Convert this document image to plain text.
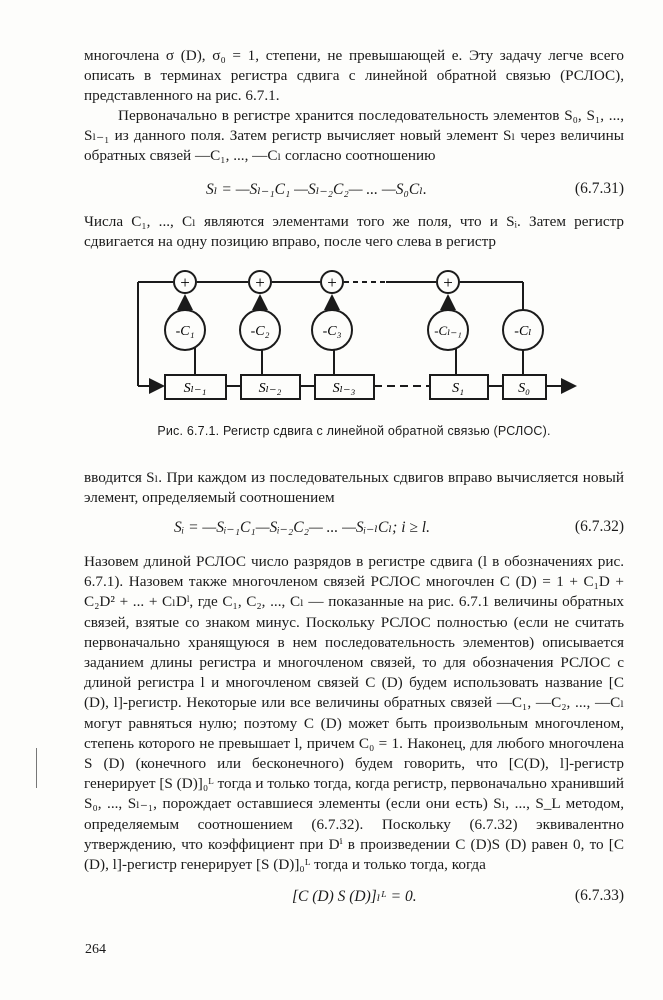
многочлена σ (D), σ₀ = 1, степени, не превышающей e. Эту задачу легче всего описать в терминах регистра сдвига с линейной обратной связью (РСЛОС), представленного на рис. 6.7.1.

Первоначально в регистре хранится последовательность элементов S₀, S₁, ..., Sₗ₋₁ из данного поля. Затем регистр вычисляет новый элемент Sₗ через величины обратных связей —C₁, ..., —Cₗ согласно соотношению

Sₗ = —Sₗ₋₁C₁ —Sₗ₋₂C₂— ... —S₀Cₗ.	(6.7.31)

Числа C₁, ..., Cₗ являются элементами того же поля, что и Sᵢ. Затем регистр сдвигается на одну позицию вправо, после чего слева в регистр

+	+	+	+
-C₁	-C₂	-C₃	-Cₗ₋₁	-Cₗ
Sₗ₋₁	Sₗ₋₂	Sₗ₋₃	S₁	S₀
Рис. 6.7.1. Регистр сдвига с линейной обратной связью (РСЛОС).

вводится Sₗ. При каждом из последовательных сдвигов вправо вычисляется новый элемент, определяемый соотношением

Sᵢ = —Sᵢ₋₁C₁—Sᵢ₋₂C₂— ... —Sᵢ₋ₗCₗ; i ≥ l.	(6.7.32)

Назовем длиной РСЛОС число разрядов в регистре сдвига (l в обозначениях рис. 6.7.1). Назовем также многочленом связей РСЛОС многочлен C (D) = 1 + C₁D + C₂D² + ... + CₗDˡ, где C₁, C₂, ..., Cₗ — показанные на рис. 6.7.1 величины обратных связей, взятые со знаком минус. Поскольку РСЛОС полностью (если не считать первоначально хранящуюся в нем последовательность элементов) описывается заданием длины регистра и многочленом связей, то для обозначения РСЛОС с длиной регистра l и многочленом связей C (D) будем использовать название [C (D), l]-регистр. Некоторые или все величины обратных связей —C₁, —C₂, ..., —Cₗ могут равняться нулю; поэтому C (D) может быть произвольным многочленом, степень которого не превышает l, причем C₀ = 1. Наконец, для любого многочлена S (D) (конечного или бесконечного) будем говорить, что [C(D), l]-регистр генерирует [S (D)]₀ᴸ тогда и только тогда, когда регистр, первоначально хранивший S₀, ..., Sₗ₋₁, порождает оставшиеся элементы (если они есть) Sₗ, ..., S_L методом, определяемым соотношением (6.7.32). Поскольку (6.7.32) эквивалентно утверждению, что коэффициент при Dⁱ в произведении C (D)S (D) равен 0, то [C (D), l]-регистр генерирует [S (D)]₀ᴸ тогда и только тогда, когда

[C (D) S (D)]ₗᴸ = 0.	(6.7.33)
264
